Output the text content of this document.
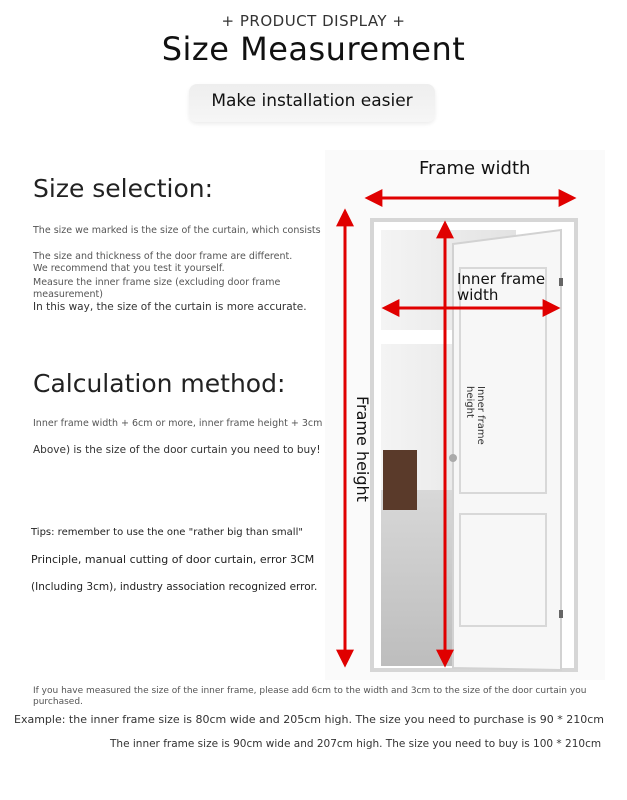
+ PRODUCT DISPLAY +
Size Measurement
Make installation easier
Size selection:
The size we marked is the size of the curtain, which consists
The size and thickness of the door frame are different. We recommend that you test it yourself.
Measure the inner frame size (excluding door frame measurement)
In this way, the size of the curtain is more accurate.
Calculation method:
Inner frame width + 6cm or more, inner frame height + 3cm
Above) is the size of the door curtain you need to buy!
Tips: remember to use the one "rather big than small"
Principle, manual cutting of door curtain, error 3CM
(Including 3cm), industry association recognized error.
Frame width
Inner frame width
Frame height	Inner frame height
If you have measured the size of the inner frame, please add 6cm to the width and 3cm to the size of the door curtain you purchased.
Example: the inner frame size is 80cm wide and 205cm high. The size you need to purchase is 90 * 210cm
The inner frame size is 90cm wide and 207cm high. The size you need to buy is 100 * 210cm
